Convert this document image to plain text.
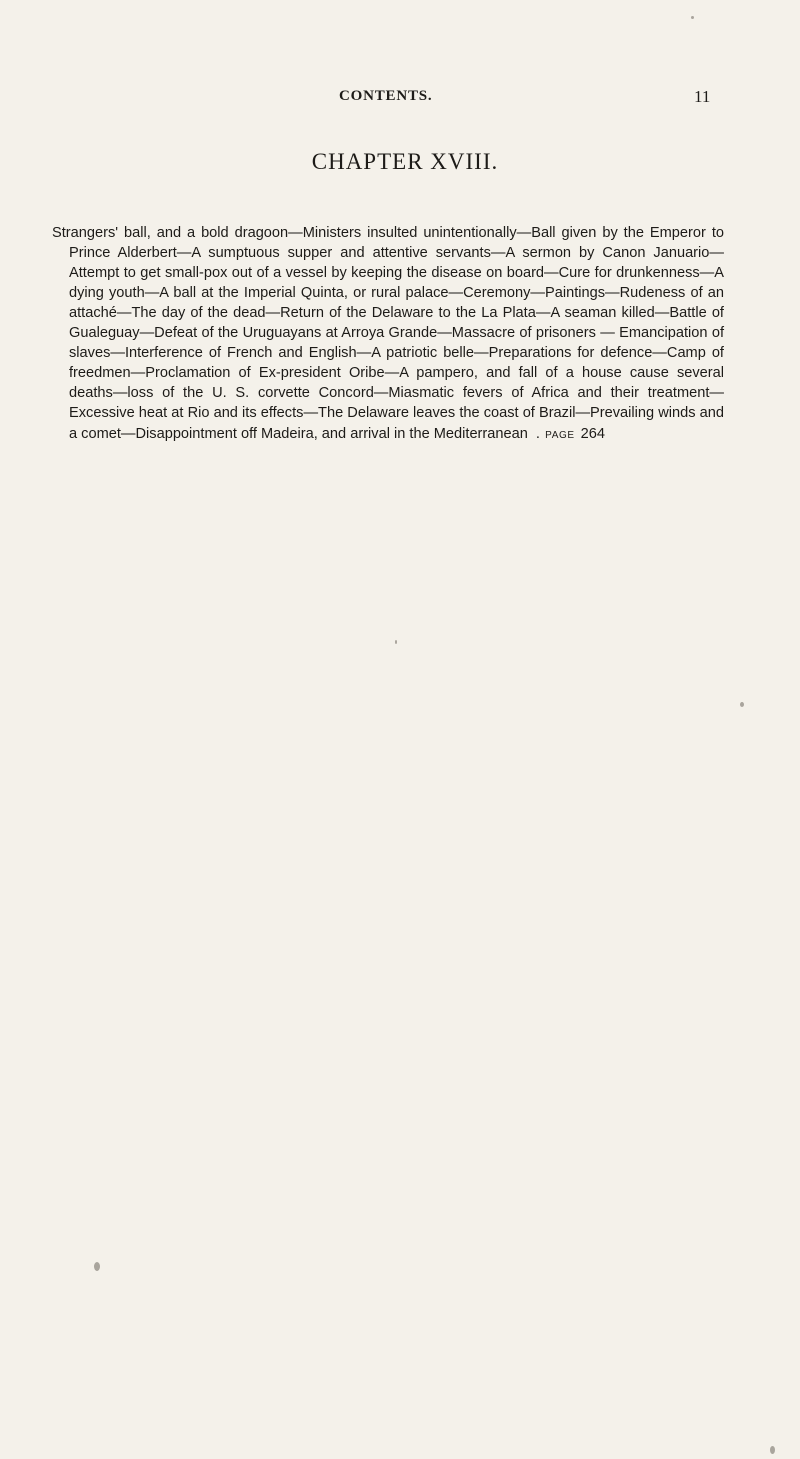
CONTENTS.	11
CHAPTER XVIII.

Strangers' ball, and a bold dragoon—Ministers insulted unintentionally—Ball given by the Emperor to Prince Alderbert—A sumptuous supper and attentive servants—A sermon by Canon Januario—Attempt to get small-pox out of a vessel by keeping the disease on board—Cure for drunkenness—A dying youth—A ball at the Imperial Quinta, or rural palace—Ceremony—Paintings—Rudeness of an attaché—The day of the dead—Return of the Delaware to the La Plata—A seaman killed—Battle of Gualeguay—Defeat of the Uruguayans at Arroya Grande—Massacre of prisoners — Emancipation of slaves—Interference of French and English—A patriotic belle—Preparations for defence—Camp of freedmen—Proclamation of Ex-president Oribe—A pampero, and fall of a house cause several deaths—loss of the U. S. corvette Concord—Miasmatic fevers of Africa and their treatment—Excessive heat at Rio and its effects—The Delaware leaves the coast of Brazil—Prevailing winds and a comet—Disappointment off Madeira, and arrival in the Mediterranean . page 264
